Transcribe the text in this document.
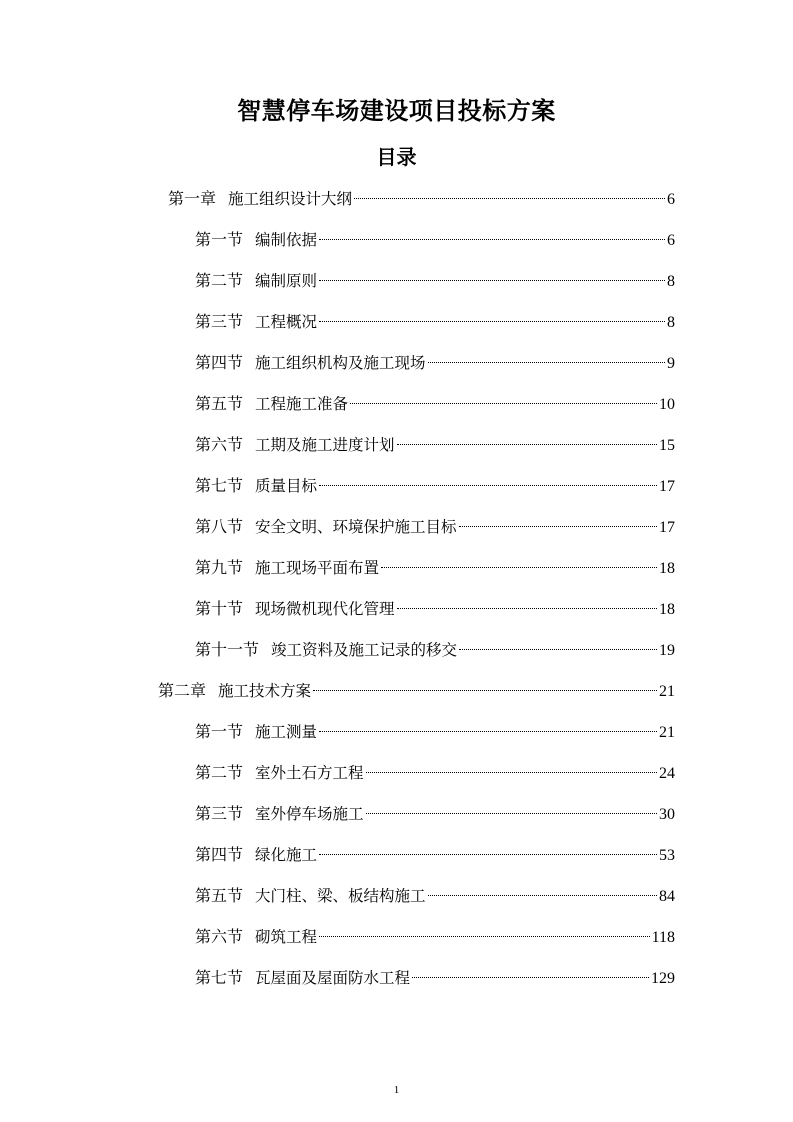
智慧停车场建设项目投标方案
目录
第一章 施工组织设计大纲	6
第一节 编制依据	6
第二节 编制原则	8
第三节 工程概况	8
第四节 施工组织机构及施工现场	9
第五节 工程施工准备	10
第六节 工期及施工进度计划	15
第七节 质量目标	17
第八节 安全文明、环境保护施工目标	17
第九节 施工现场平面布置	18
第十节 现场微机现代化管理	18
第十一节 竣工资料及施工记录的移交	19
第二章 施工技术方案	21
第一节 施工测量	21
第二节 室外土石方工程	24
第三节 室外停车场施工	30
第四节 绿化施工	53
第五节 大门柱、梁、板结构施工	84
第六节 砌筑工程	118
第七节 瓦屋面及屋面防水工程	129
1
